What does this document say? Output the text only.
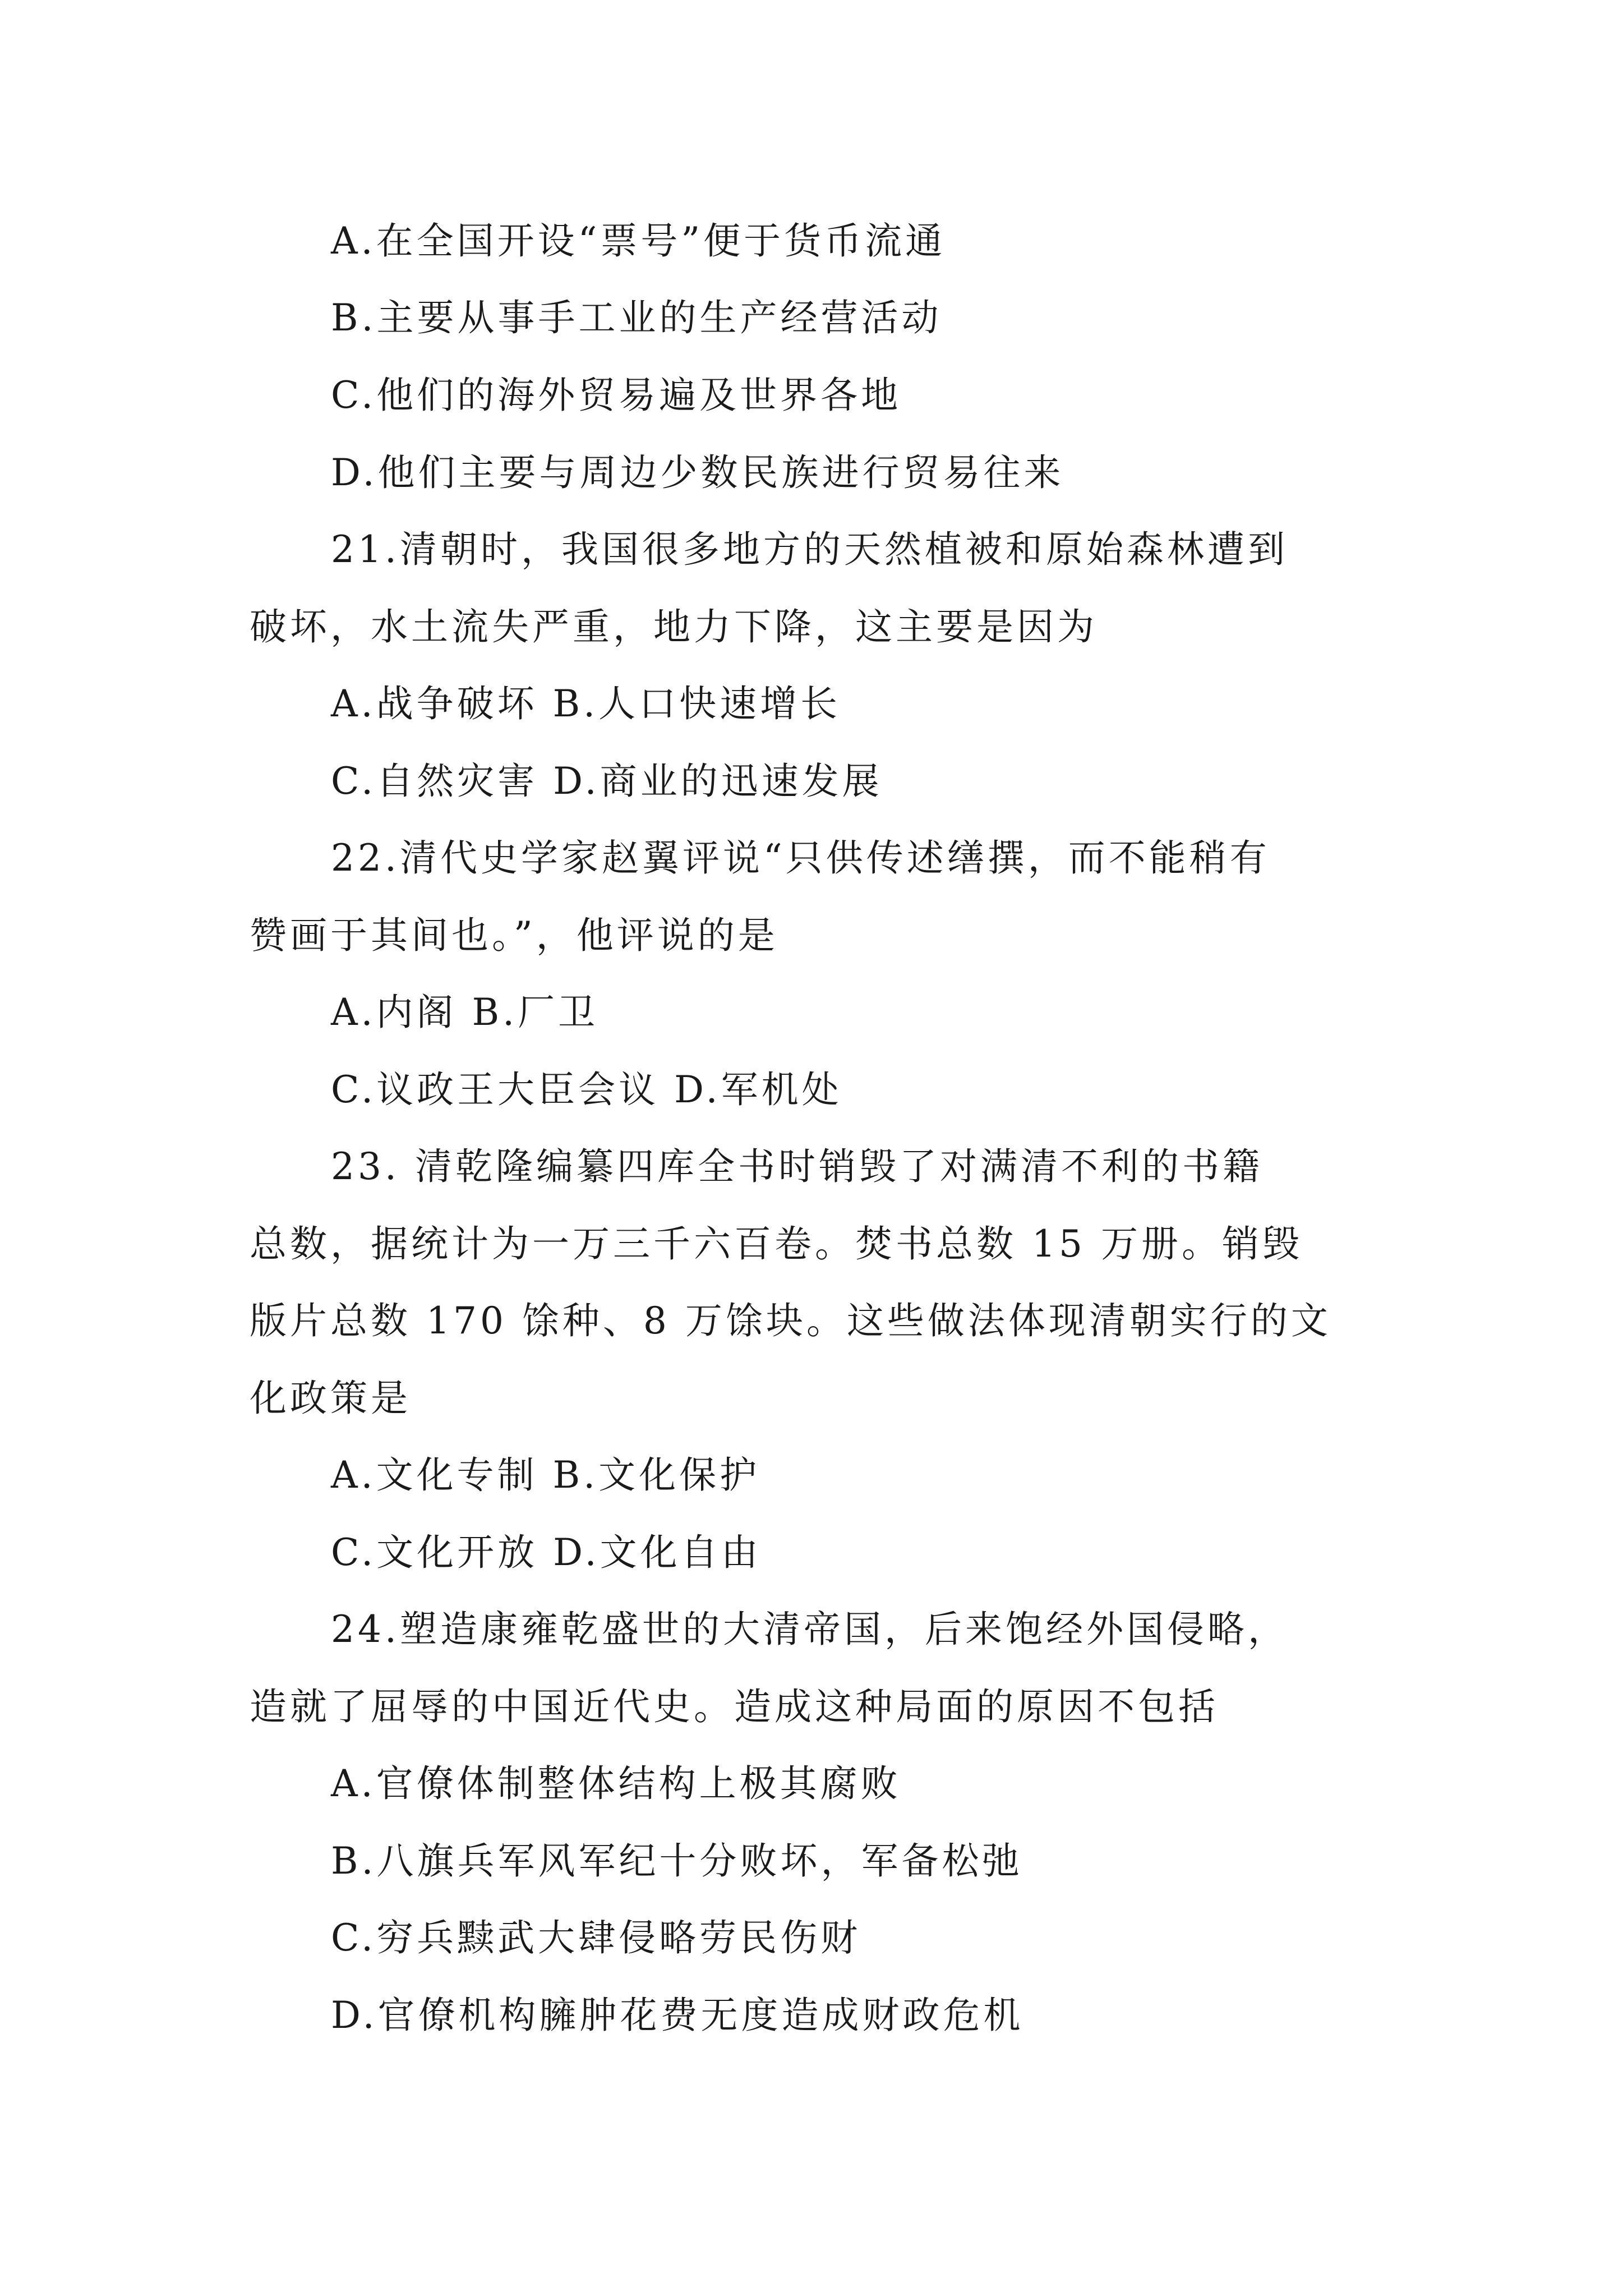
A.在全国开设“票号”便于货币流通
B.主要从事手工业的生产经营活动
C.他们的海外贸易遍及世界各地
D.他们主要与周边少数民族进行贸易往来
21.清朝时，我国很多地方的天然植被和原始森林遭到
破坏，水土流失严重，地力下降，这主要是因为
A.战争破坏 B.人口快速增长
C.自然灾害 D.商业的迅速发展
22.清代史学家赵翼评说“只供传述缮撰，而不能稍有
赞画于其间也。”，他评说的是
A.内阁 B.厂卫
C.议政王大臣会议 D.军机处
23. 清乾隆编纂四库全书时销毁了对满清不利的书籍
总数，据统计为一万三千六百卷。焚书总数 15 万册。销毁
版片总数 170 馀种、8 万馀块。这些做法体现清朝实行的文
化政策是
A.文化专制 B.文化保护
C.文化开放 D.文化自由
24.塑造康雍乾盛世的大清帝国，后来饱经外国侵略，
造就了屈辱的中国近代史。造成这种局面的原因不包括
A.官僚体制整体结构上极其腐败
B.八旗兵军风军纪十分败坏，军备松弛
C.穷兵黩武大肆侵略劳民伤财
D.官僚机构臃肿花费无度造成财政危机
